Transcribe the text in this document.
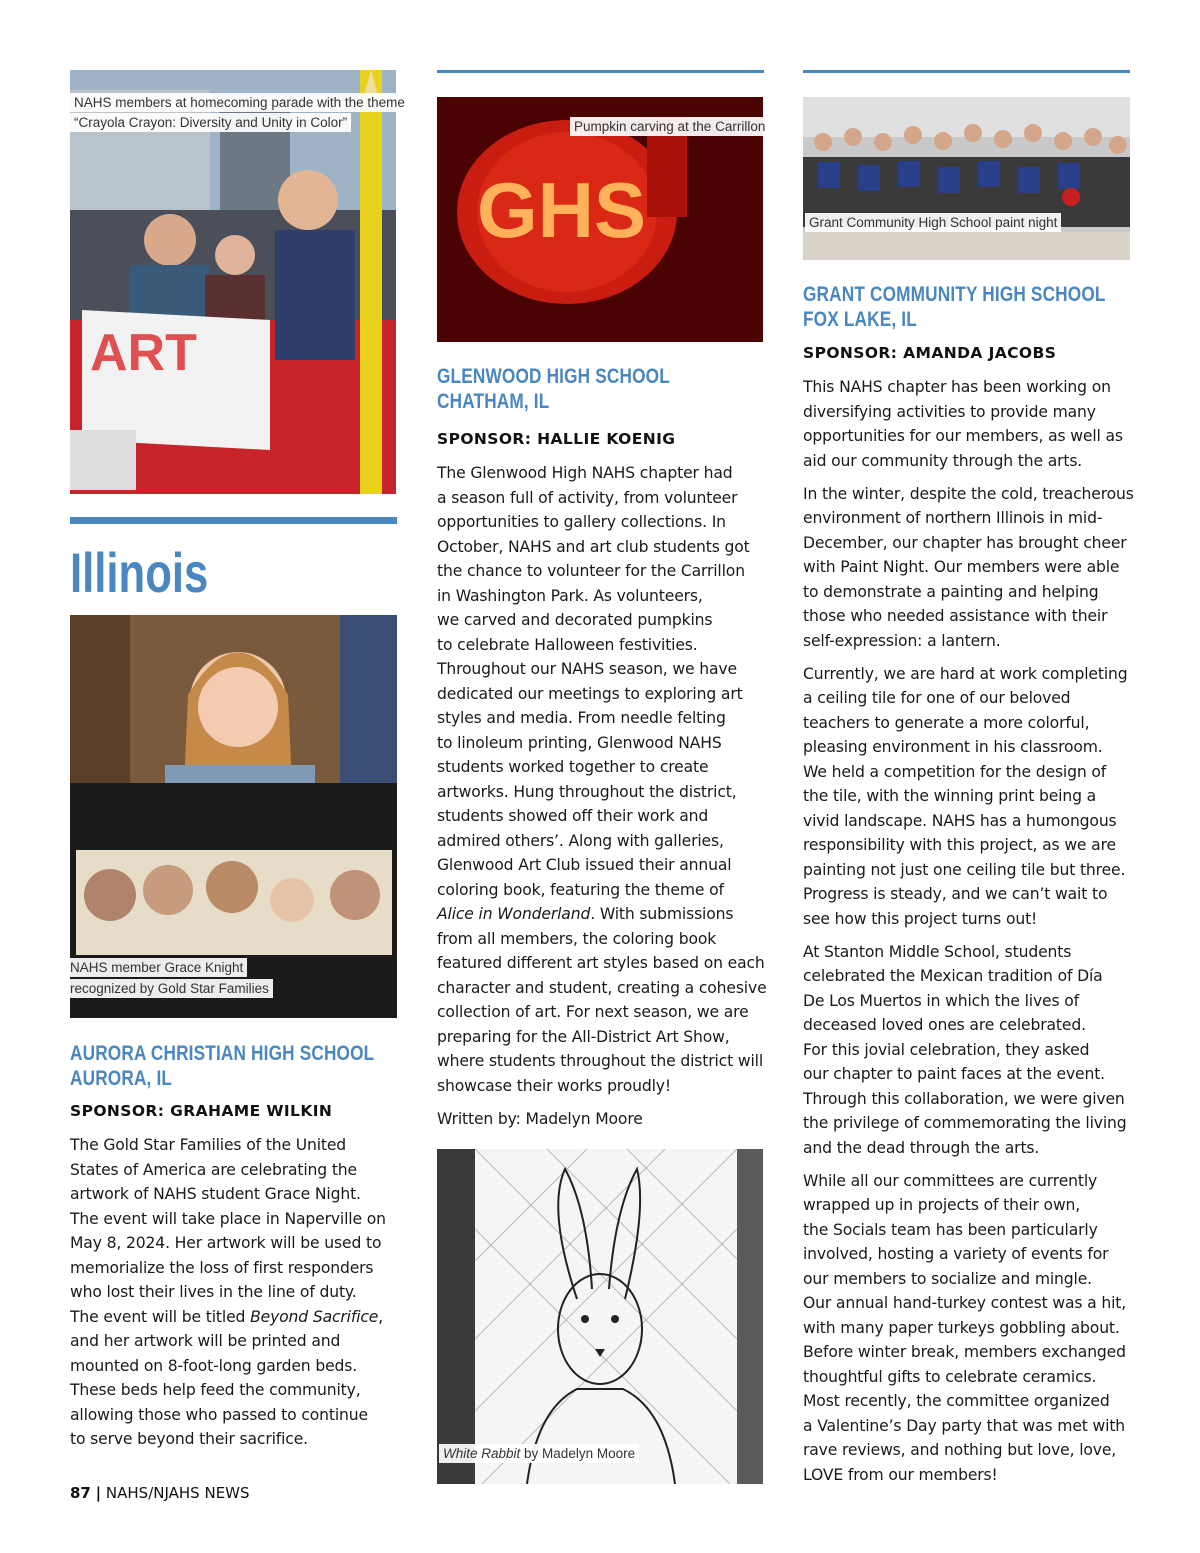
ART
NAHS members at homecoming parade with the theme
“Crayola Crayon: Diversity and Unity in Color”
Illinois
NAHS member Grace Knight
recognized by Gold Star Families
AURORA CHRISTIAN HIGH SCHOOL
AURORA, IL
SPONSOR: GRAHAME WILKIN
The Gold Star Families of the United
States of America are celebrating the
artwork of NAHS student Grace Night.
The event will take place in Naperville on
May 8, 2024. Her artwork will be used to
memorialize the loss of first responders
who lost their lives in the line of duty.
The event will be titled Beyond Sacrifice,
and her artwork will be printed and
mounted on 8-foot-long garden beds.
These beds help feed the community,
allowing those who passed to continue
to serve beyond their sacrifice.
87 | NAHS/NJAHS NEWS
GHS
Pumpkin carving at the Carrillon
GLENWOOD HIGH SCHOOL
CHATHAM, IL
SPONSOR: HALLIE KOENIG
The Glenwood High NAHS chapter had
a season full of activity, from volunteer
opportunities to gallery collections. In
October, NAHS and art club students got
the chance to volunteer for the Carrillon
in Washington Park. As volunteers,
we carved and decorated pumpkins
to celebrate Halloween festivities.
Throughout our NAHS season, we have
dedicated our meetings to exploring art
styles and media. From needle felting
to linoleum printing, Glenwood NAHS
students worked together to create
artworks. Hung throughout the district,
students showed off their work and
admired others’. Along with galleries,
Glenwood Art Club issued their annual
coloring book, featuring the theme of
Alice in Wonderland. With submissions
from all members, the coloring book
featured different art styles based on each
character and student, creating a cohesive
collection of art. For next season, we are
preparing for the All-District Art Show,
where students throughout the district will
showcase their works proudly!
Written by: Madelyn Moore
White Rabbit by Madelyn Moore
Grant Community High School paint night
GRANT COMMUNITY HIGH SCHOOL
FOX LAKE, IL
SPONSOR: AMANDA JACOBS

This NAHS chapter has been working on
diversifying activities to provide many
opportunities for our members, as well as
aid our community through the arts.

In the winter, despite the cold, treacherous
environment of northern Illinois in mid-
December, our chapter has brought cheer
with Paint Night. Our members were able
to demonstrate a painting and helping
those who needed assistance with their
self-expression: a lantern.

Currently, we are hard at work completing
a ceiling tile for one of our beloved
teachers to generate a more colorful,
pleasing environment in his classroom.
We held a competition for the design of
the tile, with the winning print being a
vivid landscape. NAHS has a humongous
responsibility with this project, as we are
painting not just one ceiling tile but three.
Progress is steady, and we can’t wait to
see how this project turns out!

At Stanton Middle School, students
celebrated the Mexican tradition of Día
De Los Muertos in which the lives of
deceased loved ones are celebrated.
For this jovial celebration, they asked
our chapter to paint faces at the event.
Through this collaboration, we were given
the privilege of commemorating the living
and the dead through the arts.

While all our committees are currently
wrapped up in projects of their own,
the Socials team has been particularly
involved, hosting a variety of events for
our members to socialize and mingle.
Our annual hand-turkey contest was a hit,
with many paper turkeys gobbling about.
Before winter break, members exchanged
thoughtful gifts to celebrate ceramics.
Most recently, the committee organized
a Valentine’s Day party that was met with
rave reviews, and nothing but love, love,
LOVE from our members!
